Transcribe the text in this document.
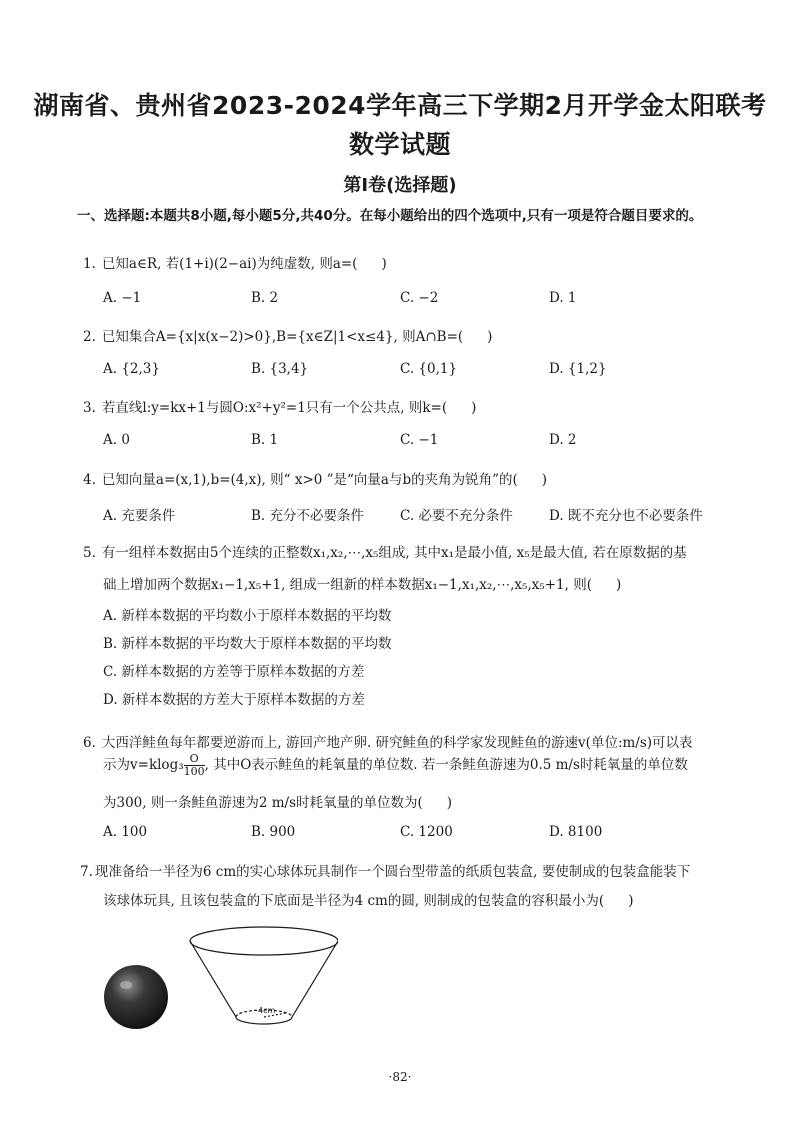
湖南省、贵州省2023-2024学年高三下学期2月开学金太阳联考
数学试题
第Ⅰ卷(选择题)
一、选择题:本题共8小题,每小题5分,共40分。在每小题给出的四个选项中,只有一项是符合题目要求的。
1. 已知a∈R, 若(1+i)(2−ai)为纯虚数, 则a=( )
A. −1	B. 2	C. −2	D. 1
2. 已知集合A={x|x(x−2)>0},B={x∈Z|1<x≤4}, 则A∩B=( )
A. {2,3}	B. {3,4}	C. {0,1}	D. {1,2}
3. 若直线l:y=kx+1与圆O:x²+y²=1只有一个公共点, 则k=( )
A. 0	B. 1	C. −1	D. 2
4. 已知向量a=(x,1),b=(4,x), 则“ x>0 ”是“向量a与b的夹角为锐角”的( )
A. 充要条件	B. 充分不必要条件	C. 必要不充分条件	D. 既不充分也不必要条件
5. 有一组样本数据由5个连续的正整数x₁,x₂,⋯,x₅组成, 其中x₁是最小值, x₅是最大值, 若在原数据的基
础上增加两个数据x₁−1,x₅+1, 组成一组新的样本数据x₁−1,x₁,x₂,⋯,x₅,x₅+1, 则( )
A. 新样本数据的平均数小于原样本数据的平均数
B. 新样本数据的平均数大于原样本数据的平均数
C. 新样本数据的方差等于原样本数据的方差
D. 新样本数据的方差大于原样本数据的方差
6. 大西洋鲑鱼每年都要逆游而上, 游回产地产卵. 研究鲑鱼的科学家发现鲑鱼的游速v(单位:m/s)可以表
示为$v=klog_3 \frac{O}{100}$ , 其中O表示鲑鱼的耗氧量的单位数. 若一条鲑鱼游速为0.5 m/s时耗氧量的单位数
为300, 则一条鲑鱼游速为2 m/s时耗氧量的单位数为( )
A. 100	B. 900	C. 1200	D. 8100
7. 现准备给一半径为6 cm的实心球体玩具制作一个圆台型带盖的纸质包装盒, 要使制成的包装盒能装下
该球体玩具, 且该包装盒的下底面是半径为4 cm的圆, 则制成的包装盒的容积最小为( )
4cm
·82·
